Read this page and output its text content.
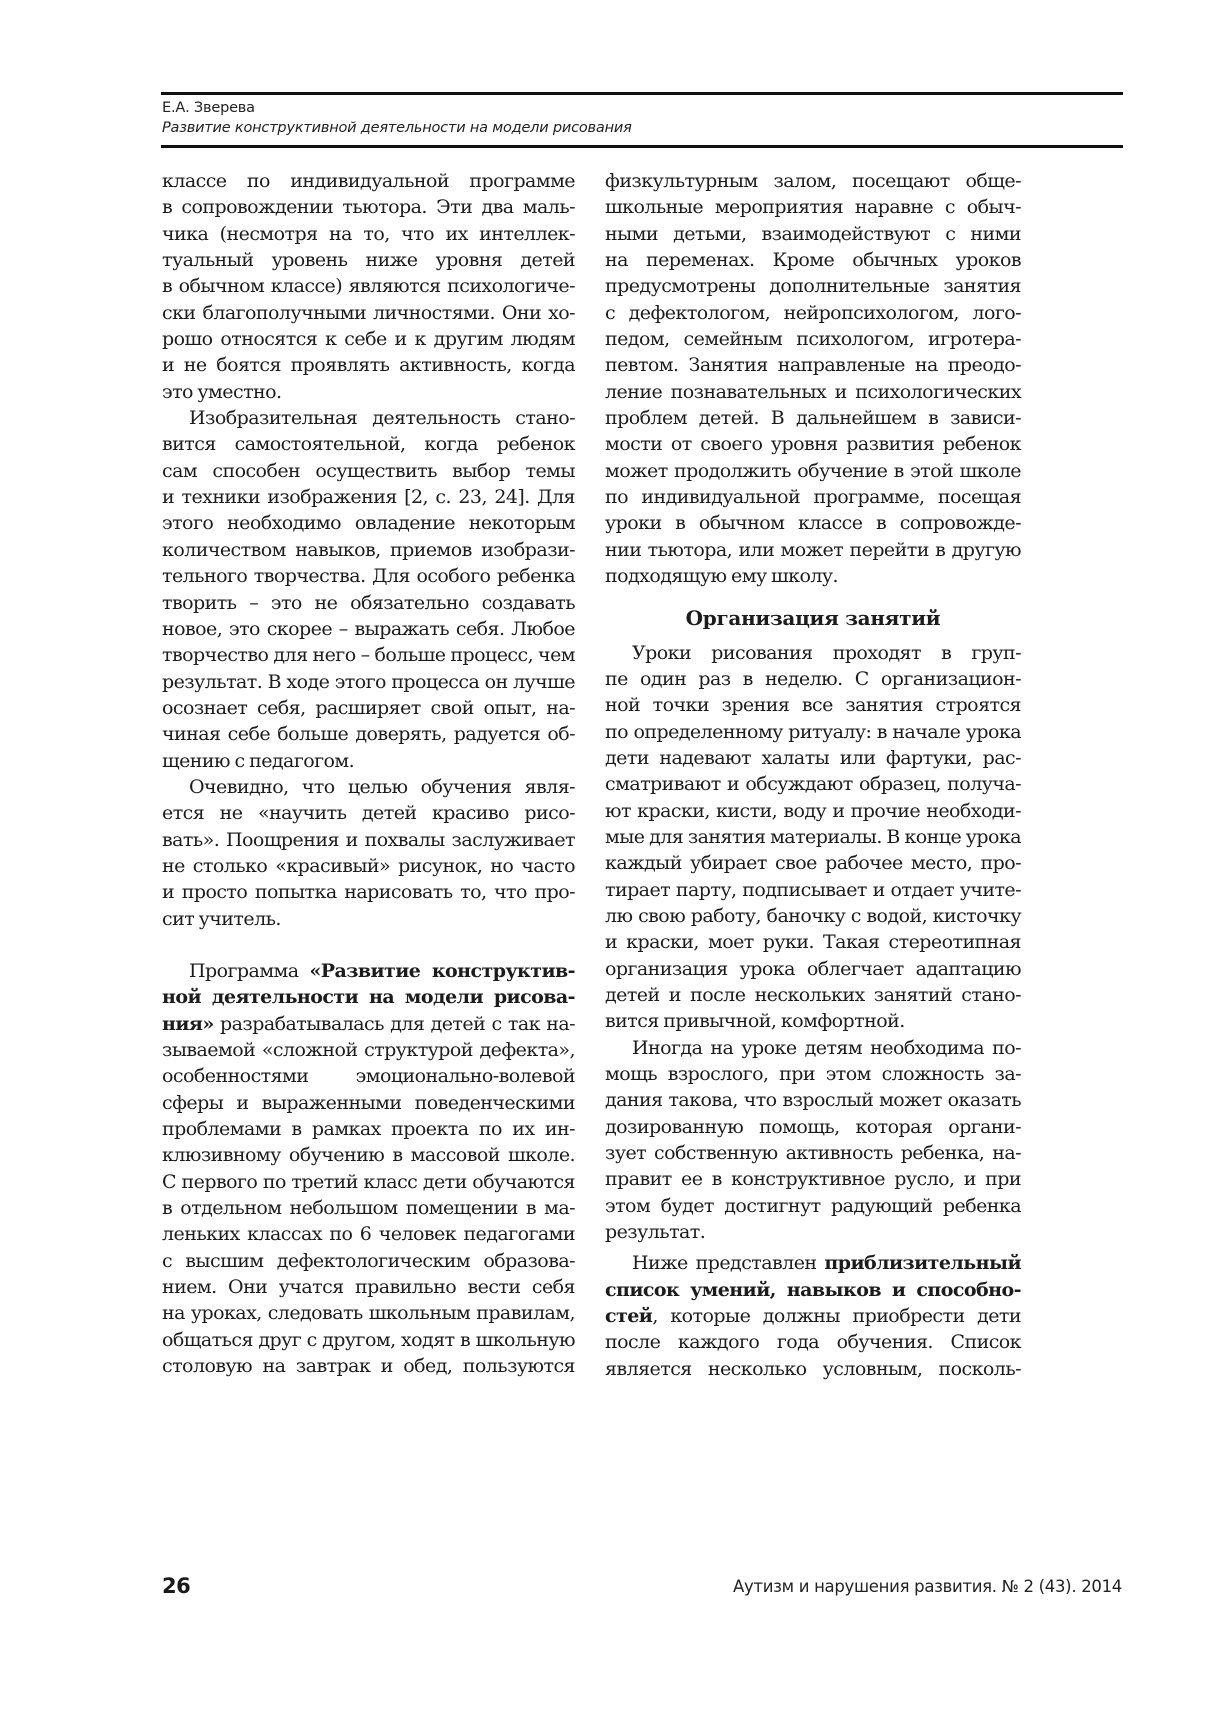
Е.А. Зверева
Развитие конструктивной деятельности на модели рисования
классе по индивидуальной программе
в сопровождении тьютора. Эти два маль-
чика (несмотря на то, что их интеллек-
туальный уровень ниже уровня детей
в обычном классе) являются психологиче-
ски благополучными личностями. Они хо-
рошо относятся к себе и к другим людям
и не боятся проявлять активность, когда
это уместно.
Изобразительная деятельность стано-
вится самостоятельной, когда ребенок
сам способен осуществить выбор темы
и техники изображения [2, с. 23, 24]. Для
этого необходимо овладение некоторым
количеством навыков, приемов изобрази-
тельного творчества. Для особого ребенка
творить – это не обязательно создавать
новое, это скорее – выражать себя. Любое
творчество для него – больше процесс, чем
результат. В ходе этого процесса он лучше
осознает себя, расширяет свой опыт, на-
чиная себе больше доверять, радуется об-
щению с педагогом.
Очевидно, что целью обучения явля-
ется не «научить детей красиво рисо-
вать». Поощрения и похвалы заслуживает
не столько «красивый» рисунок, но часто
и просто попытка нарисовать то, что про-
сит учитель.
Программа «Развитие конструктив-
ной деятельности на модели рисова-
ния» разрабатывалась для детей с так на-
зываемой «сложной структурой дефекта»,
особенностями эмоционально-волевой
сферы и выраженными поведенческими
проблемами в рамках проекта по их ин-
клюзивному обучению в массовой школе.
С первого по третий класс дети обучаются
в отдельном небольшом помещении в ма-
леньких классах по 6 человек педагогами
с высшим дефектологическим образова-
нием. Они учатся правильно вести себя
на уроках, следовать школьным правилам,
общаться друг с другом, ходят в школьную
столовую на завтрак и обед, пользуются
физкультурным залом, посещают обще-
школьные мероприятия наравне с обыч-
ными детьми, взаимодействуют с ними
на переменах. Кроме обычных уроков
предусмотрены дополнительные занятия
с дефектологом, нейропсихологом, лого-
педом, семейным психологом, игротера-
певтом. Занятия направленые на преодо-
ление познавательных и психологических
проблем детей. В дальнейшем в зависи-
мости от своего уровня развития ребенок
может продолжить обучение в этой школе
по индивидуальной программе, посещая
уроки в обычном классе в сопровожде-
нии тьютора, или может перейти в другую
подходящую ему школу.
Организация занятий
Уроки рисования проходят в груп-
пе один раз в неделю. С организацион-
ной точки зрения все занятия строятся
по определенному ритуалу: в начале урока
дети надевают халаты или фартуки, рас-
сматривают и обсуждают образец, получа-
ют краски, кисти, воду и прочие необходи-
мые для занятия материалы. В конце урока
каждый убирает свое рабочее место, про-
тирает парту, подписывает и отдает учите-
лю свою работу, баночку с водой, кисточку
и краски, моет руки. Такая стереотипная
организация урока облегчает адаптацию
детей и после нескольких занятий стано-
вится привычной, комфортной.
Иногда на уроке детям необходима по-
мощь взрослого, при этом сложность за-
дания такова, что взрослый может оказать
дозированную помощь, которая органи-
зует собственную активность ребенка, на-
правит ее в конструктивное русло, и при
этом будет достигнут радующий ребенка
результат.
Ниже представлен приблизительный
список умений, навыков и способно-
стей, которые должны приобрести дети
после каждого года обучения. Список
является несколько условным, посколь-
26	Аутизм и нарушения развития. № 2 (43). 2014
